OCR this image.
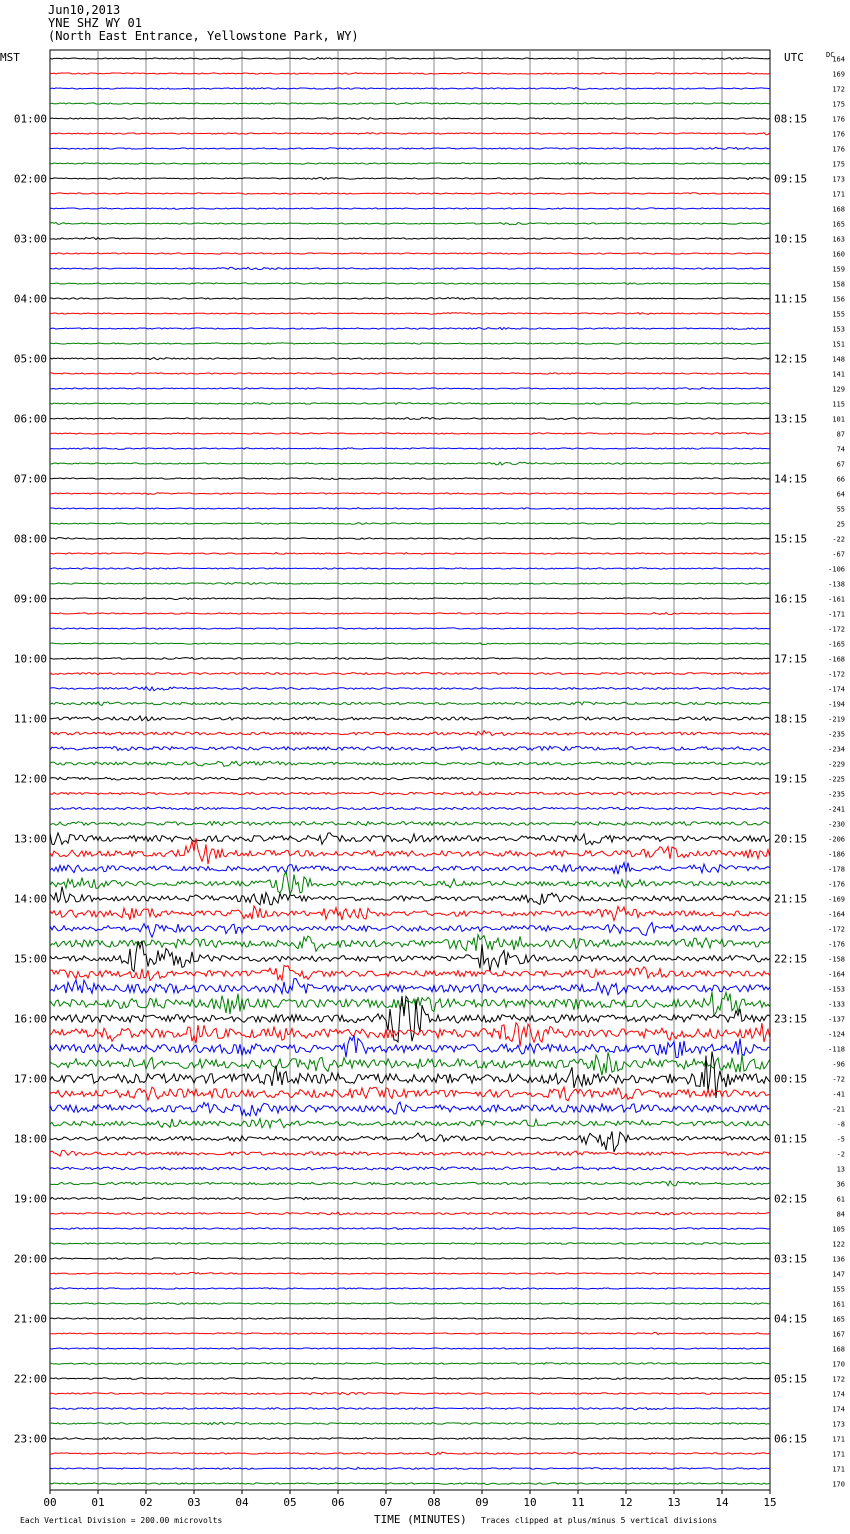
Jun10,2013
YNE SHZ WY 01
(North East Entrance, Yellowstone Park, WY)
01:00
02:00
03:00
04:00
05:00
06:00
07:00
08:00
09:00
10:00
11:00
12:00
13:00
14:00
15:00
16:00
17:00
18:00
19:00
20:00
21:00
22:00
23:00
08:15
09:15
10:15
11:15
12:15
13:15
14:15
15:15
16:15
17:15
18:15
19:15
20:15
21:15
22:15
23:15
00:15
01:15
02:15
03:15
04:15
05:15
06:15
164
169
172
175
176
176
176
175
173
171
168
165
163
160
159
158
156
155
153
151
148
141
129
115
101
87
74
67
66
64
55
25
-22
-67
-106
-138
-161
-171
-172
-165
-168
-172
-174
-194
-219
-235
-234
-229
-225
-235
-241
-230
-206
-186
-178
-176
-169
-164
-172
-176
-158
-164
-153
-133
-137
-124
-118
-96
-72
-41
-21
-8
-5
-2
13
36
61
84
105
122
136
147
155
161
165
167
168
170
172
174
174
173
171
171
171
170
00	01	02	03	04	05	06	07	08	09	10	11	12	13	14	15
MST	UTC	DC
TIME (MINUTES)
Each Vertical Division = 200.00 microvolts	Traces clipped at plus/minus 5 vertical divisions
